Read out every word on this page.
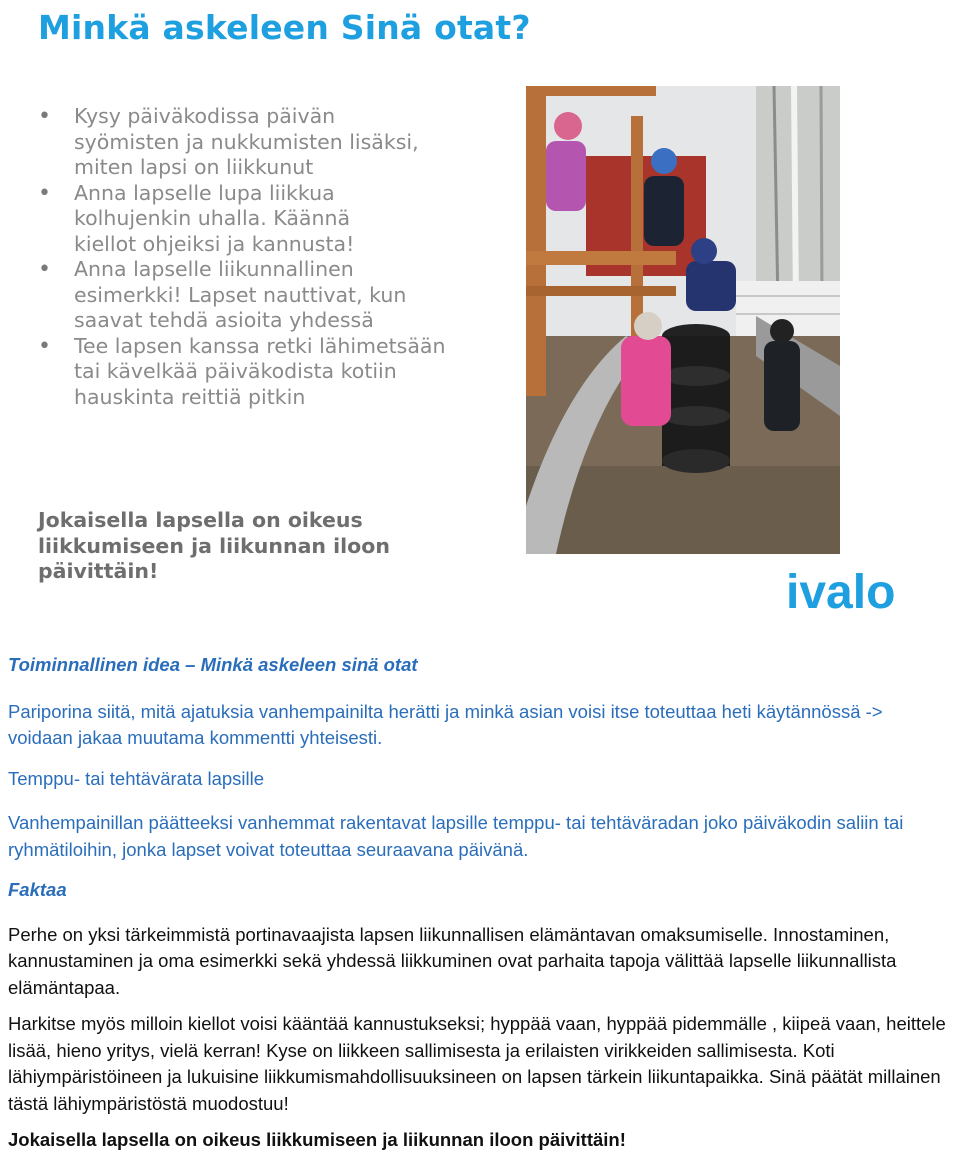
Minkä askeleen Sinä otat?
• Kysy päiväkodissa päivän syömisten ja nukkumisten lisäksi, miten lapsi on liikkunut
• Anna lapselle lupa liikkua kolhujenkin uhalla. Käännä kiellot ohjeiksi ja kannusta!
• Anna lapselle liikunnallinen esimerkki! Lapset nauttivat, kun saavat tehdä asioita yhdessä
• Tee lapsen kanssa retki lähimetsään tai kävelkää päiväkodista kotiin hauskinta reittiä pitkin

Jokaisella lapsella on oikeus liikkumiseen ja liikunnan iloon päivittäin!	ivalo

Toiminnallinen idea – Minkä askeleen sinä otat

Pariporina siitä, mitä ajatuksia vanhempainilta herätti ja minkä asian voisi itse toteuttaa heti käytännössä -> voidaan jakaa muutama kommentti yhteisesti.

Temppu- tai tehtävärata lapsille

Vanhempainillan päätteeksi vanhemmat rakentavat lapsille temppu- tai tehtäväradan joko päiväkodin saliin tai ryhmätiloihin, jonka lapset voivat toteuttaa seuraavana päivänä.

Faktaa

Perhe on yksi tärkeimmistä portinavaajista lapsen liikunnallisen elämäntavan omaksumiselle. Innostaminen, kannustaminen ja oma esimerkki sekä yhdessä liikkuminen ovat parhaita tapoja välittää lapselle liikunnallista elämäntapaa.

Harkitse myös milloin kiellot voisi kääntää kannustukseksi; hyppää vaan, hyppää pidemmälle , kiipeä vaan, heittele lisää, hieno yritys, vielä kerran! Kyse on liikkeen sallimisesta ja erilaisten virikkeiden sallimisesta. Koti lähiympäristöineen ja lukuisine liikkumismahdollisuuksineen on lapsen tärkein liikuntapaikka. Sinä päätät millainen tästä lähiympäristöstä muodostuu!

Jokaisella lapsella on oikeus liikkumiseen ja liikunnan iloon päivittäin!
